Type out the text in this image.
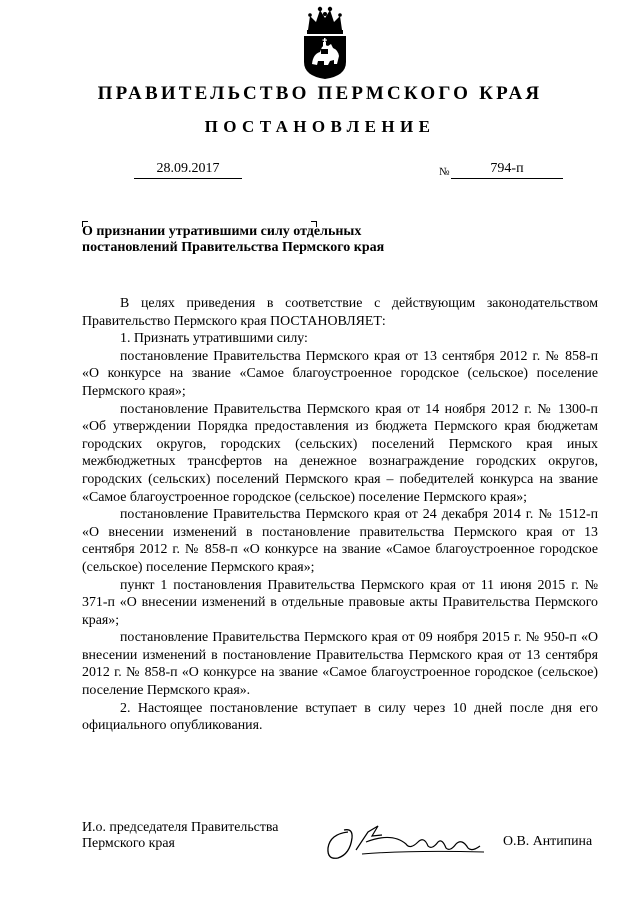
ПРАВИТЕЛЬСТВО ПЕРМСКОГО КРАЯ
ПОСТАНОВЛЕНИЕ
28.09.2017	№	794-п
О признании утратившими силу отдельных
постановлений Правительства Пермского края

В целях приведения в соответствие с действующим законодательством Правительство Пермского края ПОСТАНОВЛЯЕТ:

1. Признать утратившими силу:

постановление Правительства Пермского края от 13 сентября 2012 г. № 858-п «О конкурсе на звание «Самое благоустроенное городское (сельское) поселение Пермского края»;

постановление Правительства Пермского края от 14 ноября 2012 г. № 1300-п «Об утверждении Порядка предоставления из бюджета Пермского края бюджетам городских округов, городских (сельских) поселений Пермского края иных межбюджетных трансфертов на денежное вознаграждение городских округов, городских (сельских) поселений Пермского края – победителей конкурса на звание «Самое благоустроенное городское (сельское) поселение Пермского края»;

постановление Правительства Пермского края от 24 декабря 2014 г. № 1512-п «О внесении изменений в постановление правительства Пермского края от 13 сентября 2012 г. № 858-п «О конкурсе на звание «Самое благоустроенное городское (сельское) поселение Пермского края»;

пункт 1 постановления Правительства Пермского края от 11 июня 2015 г. № 371-п «О внесении изменений в отдельные правовые акты Правительства Пермского края»;

постановление Правительства Пермского края от 09 ноября 2015 г. № 950-п «О внесении изменений в постановление Правительства Пермского края от 13 сентября 2012 г. № 858-п «О конкурсе на звание «Самое благоустроенное городское (сельское) поселение Пермского края».

2. Настоящее постановление вступает в силу через 10 дней после дня его официального опубликования.

И.о. председателя Правительства
Пермского края	О.В. Антипина
